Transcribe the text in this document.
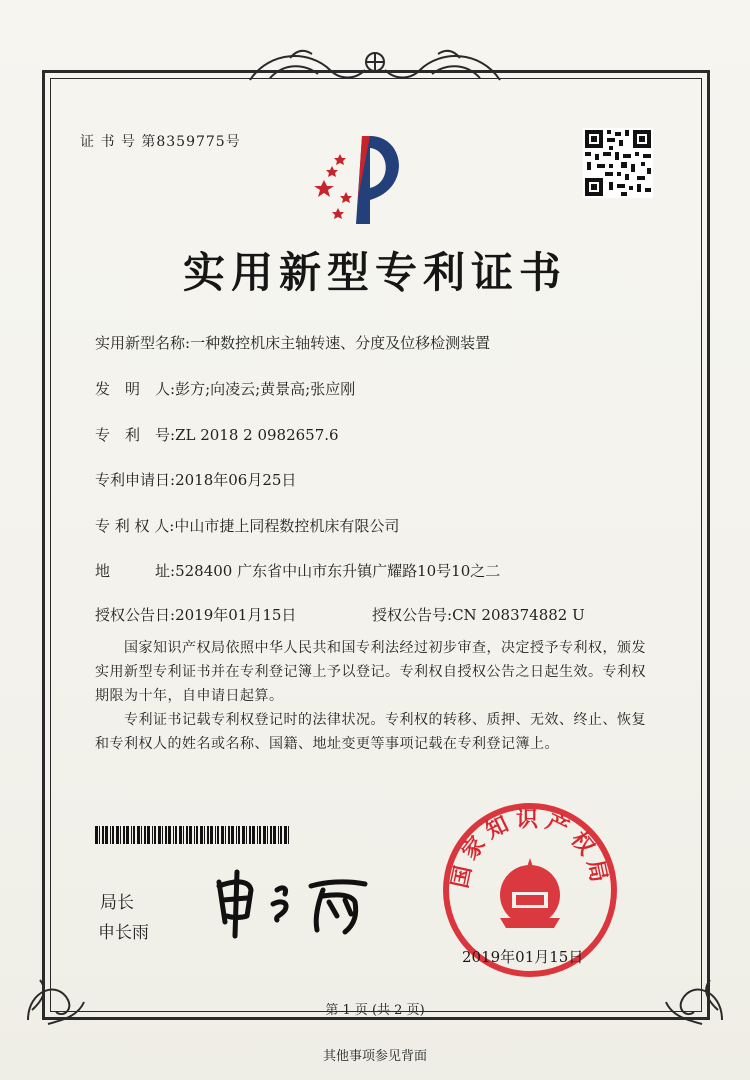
证 书 号 第8359775号
实用新型专利证书
实用新型名称:一种数控机床主轴转速、分度及位移检测装置
发　明　人:彭方;向凌云;黄景高;张应刚
专　利　号:ZL 2018 2 0982657.6
专利申请日:2018年06月25日
专 利 权 人:中山市捷上同程数控机床有限公司
地　　　址:528400 广东省中山市东升镇广耀路10号10之二
授权公告日:2019年01月15日	授权公告号:CN 208374882 U
　　国家知识产权局依照中华人民共和国专利法经过初步审查，决定授予专利权，颁发实用新型专利证书并在专利登记簿上予以登记。专利权自授权公告之日起生效。专利权期限为十年，自申请日起算。
　　专利证书记载专利权登记时的法律状况。专利权的转移、质押、无效、终止、恢复和专利权人的姓名或名称、国籍、地址变更等事项记载在专利登记簿上。
局长
申长雨
国家知识产权局
2019年01月15日
第 1 页 (共 2 页)
其他事项参见背面
